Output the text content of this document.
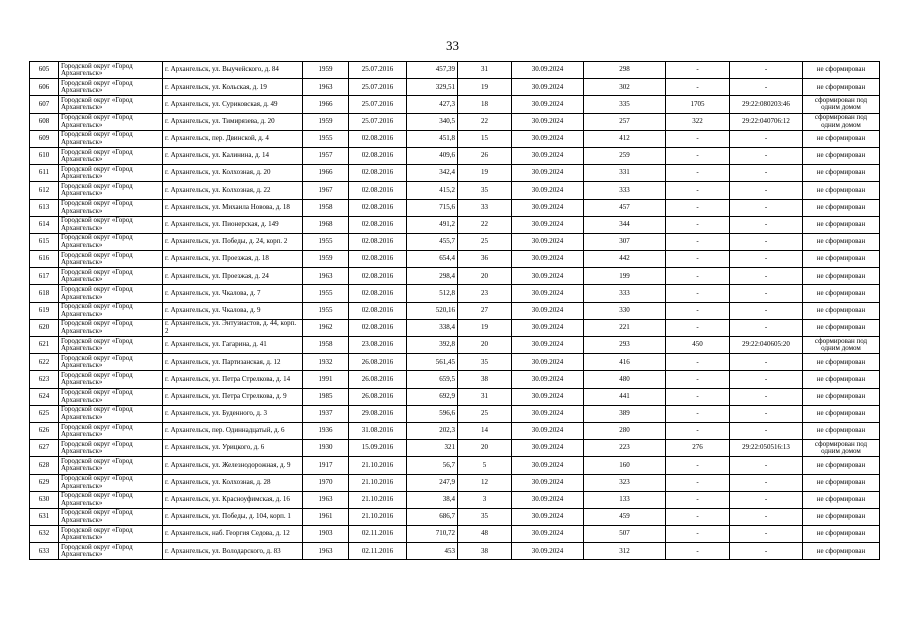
33
605	Городской округ «Город Архангельск»	г. Архангельск, ул. Выучейского, д. 84	1959	25.07.2016	457,39	31	30.09.2024	298	-	-	не сформирован
606	Городской округ «Город Архангельск»	г. Архангельск, ул. Кольская, д. 19	1963	25.07.2016	329,51	19	30.09.2024	302	-	-	не сформирован
607	Городской округ «Город Архангельск»	г. Архангельск, ул. Суриковская, д. 49	1966	25.07.2016	427,3	18	30.09.2024	335	1705	29:22:080203:46	сформирован под одним домом
608	Городской округ «Город Архангельск»	г. Архангельск, ул. Тимирязева, д. 20	1959	25.07.2016	340,5	22	30.09.2024	257	322	29:22:040706:12	сформирован под одним домом
609	Городской округ «Город Архангельск»	г. Архангельск, пер. Двинской, д. 4	1955	02.08.2016	451,8	15	30.09.2024	412	-	-	не сформирован
610	Городской округ «Город Архангельск»	г. Архангельск, ул. Калинина, д. 14	1957	02.08.2016	409,6	26	30.09.2024	259	-	-	не сформирован
611	Городской округ «Город Архангельск»	г. Архангельск, ул. Колхозная, д. 20	1966	02.08.2016	342,4	19	30.09.2024	331	-	-	не сформирован
612	Городской округ «Город Архангельск»	г. Архангельск, ул. Колхозная, д. 22	1967	02.08.2016	415,2	35	30.09.2024	333	-	-	не сформирован
613	Городской округ «Город Архангельск»	г. Архангельск, ул. Михаила Новова, д. 18	1958	02.08.2016	715,6	33	30.09.2024	457	-	-	не сформирован
614	Городской округ «Город Архангельск»	г. Архангельск, ул. Пионерская, д. 149	1968	02.08.2016	491,2	22	30.09.2024	344	-	-	не сформирован
615	Городской округ «Город Архангельск»	г. Архангельск, ул. Победы, д. 24, корп. 2	1955	02.08.2016	455,7	25	30.09.2024	307	-	-	не сформирован
616	Городской округ «Город Архангельск»	г. Архангельск, ул. Проезжая, д. 18	1959	02.08.2016	654,4	36	30.09.2024	442	-	-	не сформирован
617	Городской округ «Город Архангельск»	г. Архангельск, ул. Проезжая, д. 24	1963	02.08.2016	298,4	20	30.09.2024	199	-	-	не сформирован
618	Городской округ «Город Архангельск»	г. Архангельск, ул. Чкалова, д. 7	1955	02.08.2016	512,8	23	30.09.2024	333	-	-	не сформирован
619	Городской округ «Город Архангельск»	г. Архангельск, ул. Чкалова, д. 9	1955	02.08.2016	520,16	27	30.09.2024	330	-	-	не сформирован
620	Городской округ «Город Архангельск»	г. Архангельск, ул. Энтузиастов, д. 44, корп. 2	1962	02.08.2016	338,4	19	30.09.2024	221	-	-	не сформирован
621	Городской округ «Город Архангельск»	г. Архангельск, ул. Гагарина, д. 41	1958	23.08.2016	392,8	20	30.09.2024	293	450	29:22:040605:20	сформирован под одним домом
622	Городской округ «Город Архангельск»	г. Архангельск, ул. Партизанская, д. 12	1932	26.08.2016	561,45	35	30.09.2024	416	-	-	не сформирован
623	Городской округ «Город Архангельск»	г. Архангельск, ул. Петра Стрелкова, д. 14	1991	26.08.2016	659,5	38	30.09.2024	480	-	-	не сформирован
624	Городской округ «Город Архангельск»	г. Архангельск, ул. Петра Стрелкова, д. 9	1985	26.08.2016	692,9	31	30.09.2024	441	-	-	не сформирован
625	Городской округ «Город Архангельск»	г. Архангельск, ул. Буденного, д. 3	1937	29.08.2016	596,6	25	30.09.2024	389	-	-	не сформирован
626	Городской округ «Город Архангельск»	г. Архангельск, пер. Одиннадцатый, д. 6	1936	31.08.2016	202,3	14	30.09.2024	280	-	-	не сформирован
627	Городской округ «Город Архангельск»	г. Архангельск, ул. Урицкого, д. 6	1930	15.09.2016	321	20	30.09.2024	223	276	29:22:050516:13	сформирован под одним домом
628	Городской округ «Город Архангельск»	г. Архангельск, ул. Железнодорожная, д. 9	1917	21.10.2016	56,7	5	30.09.2024	160	-	-	не сформирован
629	Городской округ «Город Архангельск»	г. Архангельск, ул. Колхозная, д. 28	1970	21.10.2016	247,9	12	30.09.2024	323	-	-	не сформирован
630	Городской округ «Город Архангельск»	г. Архангельск, ул. Красноуфимская, д. 16	1963	21.10.2016	38,4	3	30.09.2024	133	-	-	не сформирован
631	Городской округ «Город Архангельск»	г. Архангельск, ул. Победы, д. 104, корп. 1	1961	21.10.2016	686,7	35	30.09.2024	459	-	-	не сформирован
632	Городской округ «Город Архангельск»	г. Архангельск, наб. Георгия Седова, д. 12	1903	02.11.2016	710,72	48	30.09.2024	507	-	-	не сформирован
633	Городской округ «Город Архангельск»	г. Архангельск, ул. Володарского, д. 83	1963	02.11.2016	453	38	30.09.2024	312	-	-	не сформирован
